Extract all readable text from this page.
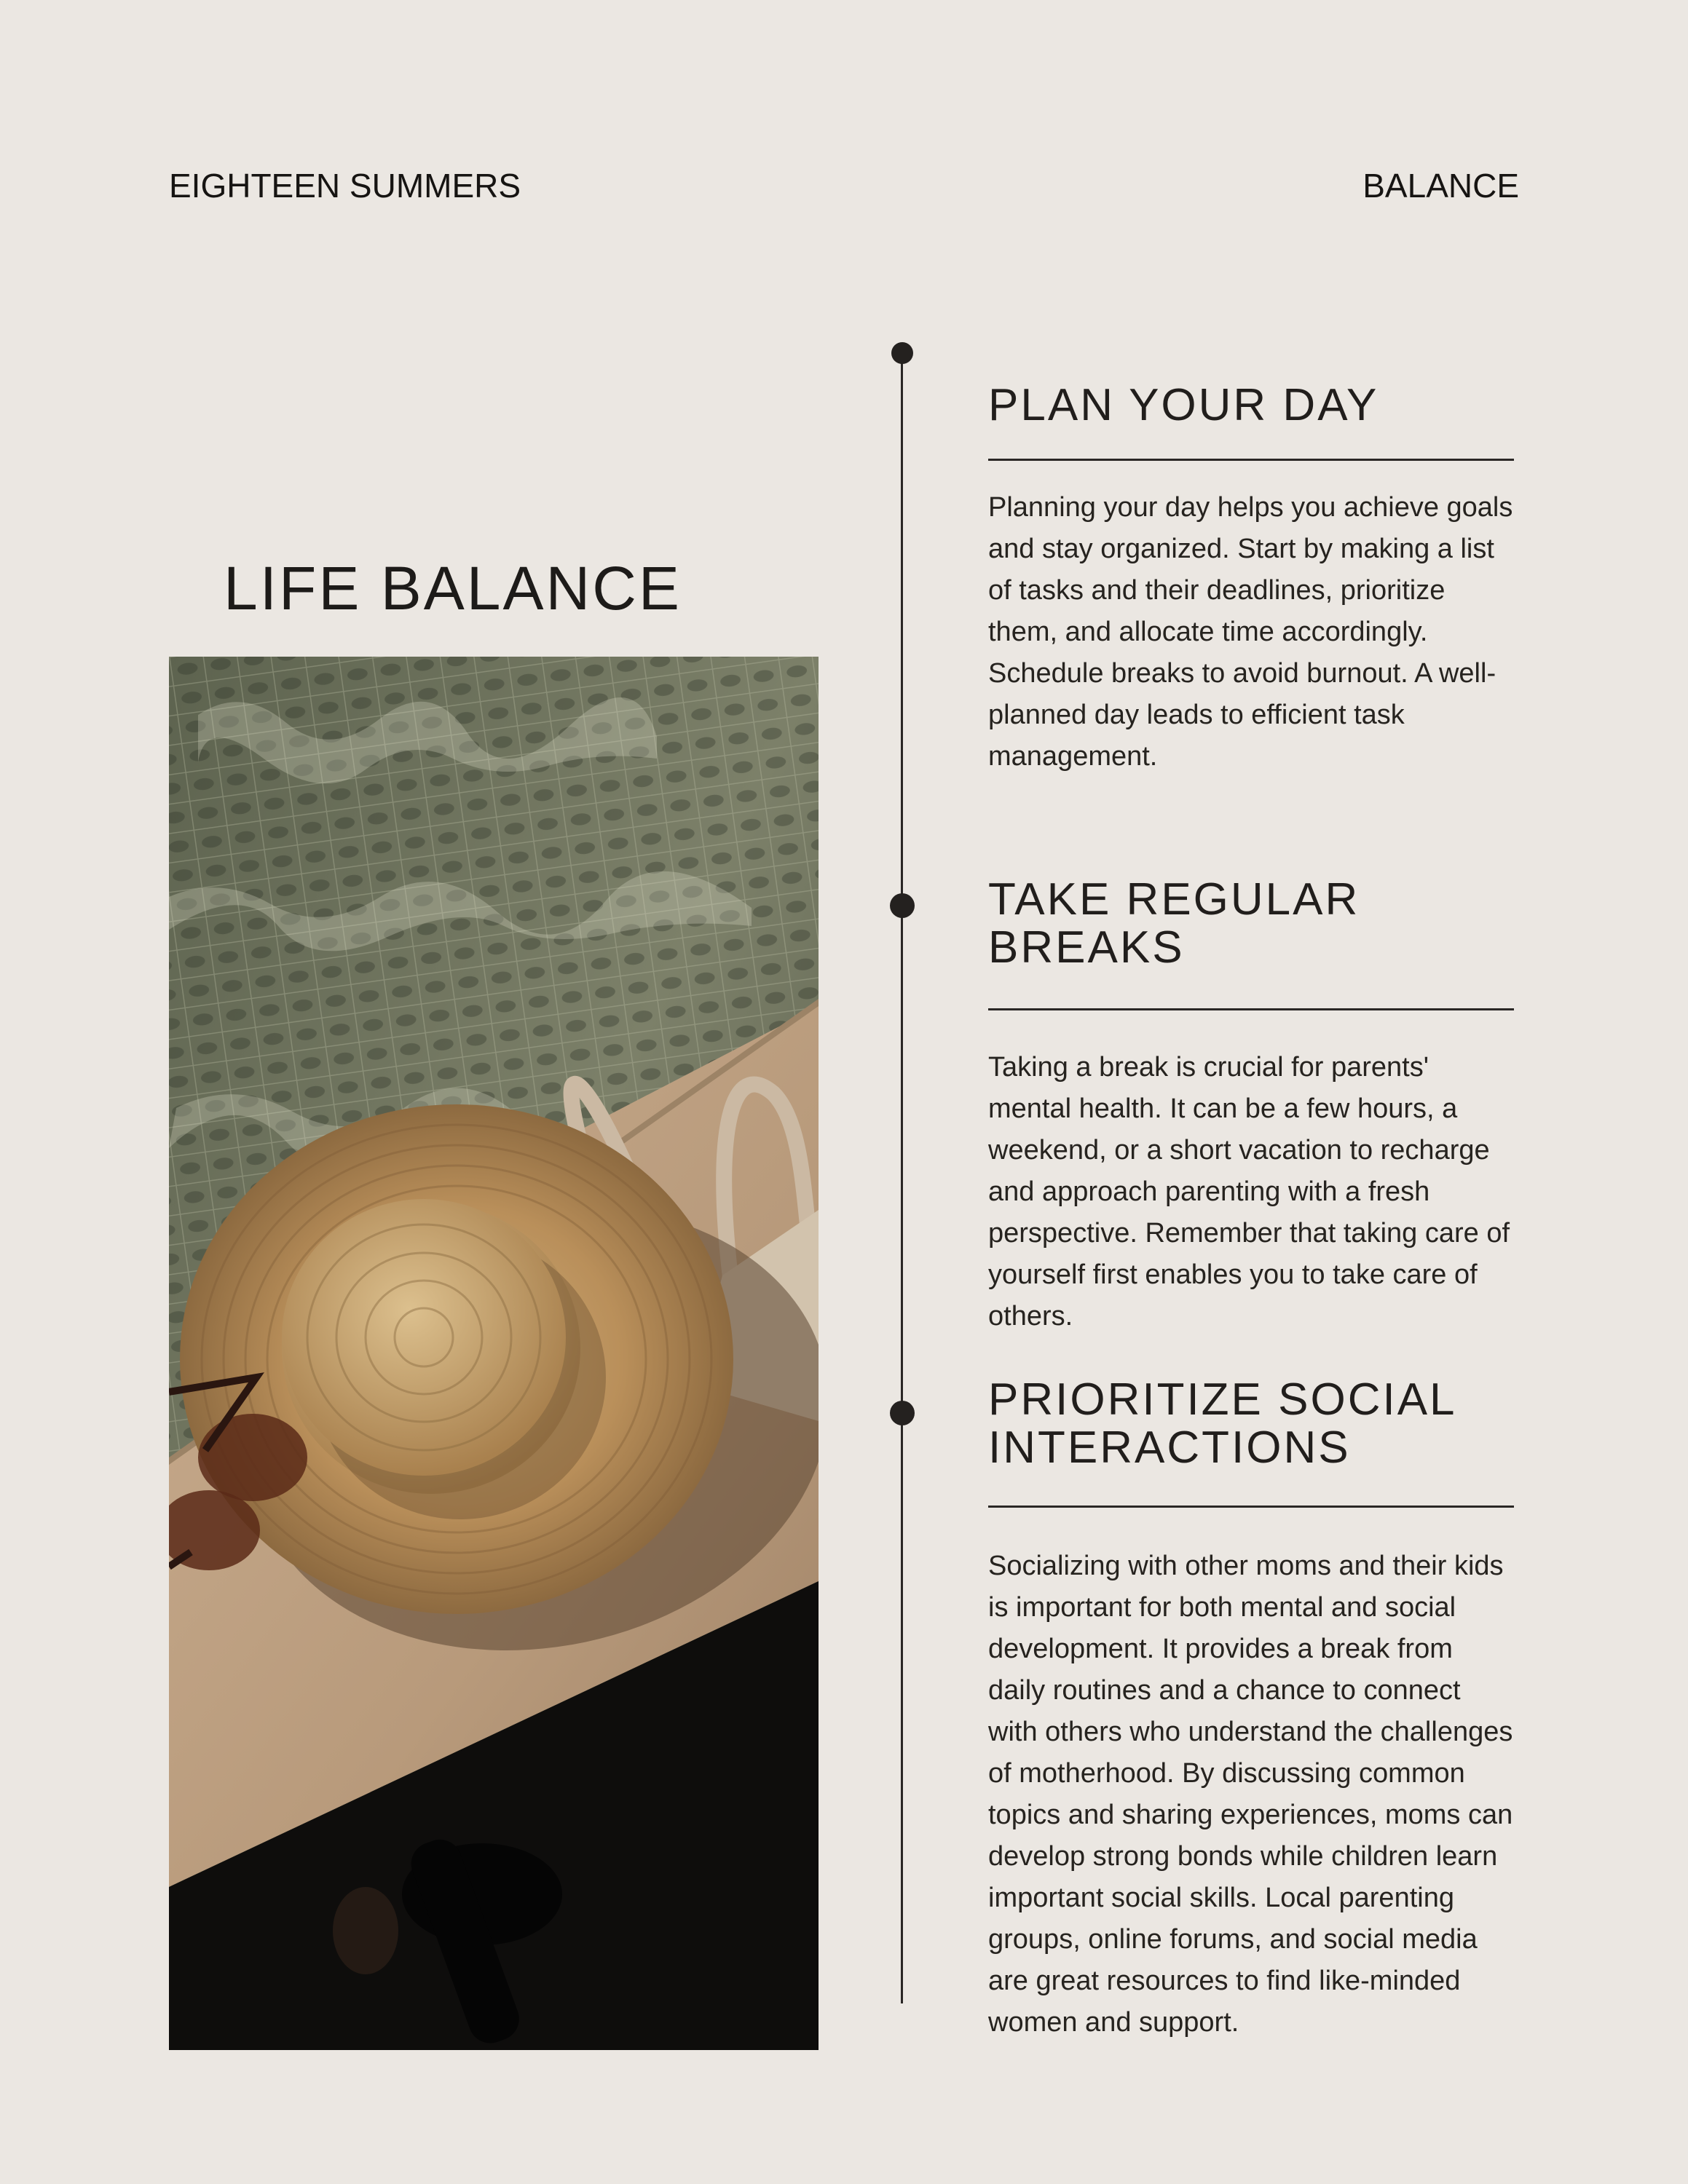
EIGHTEEN SUMMERS	BALANCE
LIFE BALANCE
PLAN YOUR DAY

Planning your day helps you achieve goals and stay organized. Start by making a list of tasks and their deadlines, prioritize them, and allocate time accordingly. Schedule breaks to avoid burnout. A well-planned day leads to efficient task management.

TAKE REGULAR BREAKS

Taking a break is crucial for parents' mental health. It can be a few hours, a weekend, or a short vacation to recharge and approach parenting with a fresh perspective. Remember that taking care of yourself first enables you to take care of others.

PRIORITIZE SOCIAL INTERACTIONS

Socializing with other moms and their kids is important for both mental and social development. It provides a break from daily routines and a chance to connect with others who understand the challenges of motherhood. By discussing common topics and sharing experiences, moms can develop strong bonds while children learn important social skills. Local parenting groups, online forums, and social media are great resources to find like-minded women and support.
